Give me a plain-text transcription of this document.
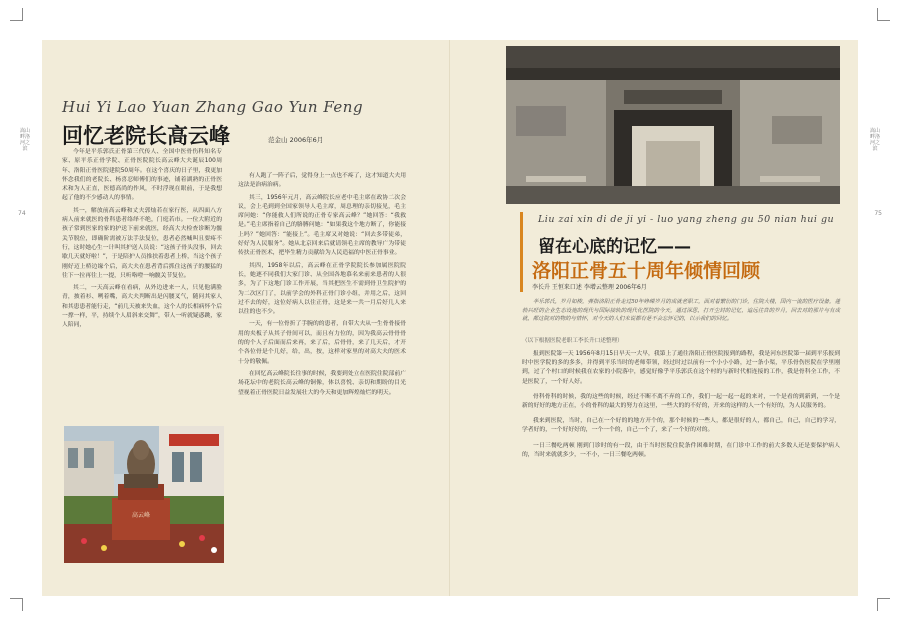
嵩山畔洛河之滨
74
嵩山畔洛河之滨
75
Hui Yi Lao Yuan Zhang Gao Yun Feng
回忆老院长高云峰	范金山 2006年6月

今年是平乐郭氏正骨第三代传人、全国中医骨伤科知名专家、原平乐正骨学院、正骨医院院长高云峰大夫诞辰100周年、洛阳正骨医院建院50周年。在这个喜庆的日子里，我更加怀念我们的老院长、杨喜忍师傅们的事迹，铺着湖熟的正骨医术和为人正直，医德高尚的作风，不时浮现在眼前，于是我想起了他的不少感动人的事情。

其一，解放前高云峰和丈夫郭灿若在家行医，从四面八方病人前来就医的骨科患者络绎不绝，门庭若市。一位大附近的孩子常到医家的家的护送下前来就医，经高大夫检查诊断为髋关节脱位，即确阶需被万法手法复位，患者必然喊叫且要疼不行，这时她心生一计叫其护送人员说：“这孩子骨头没事，回去歇几天就好啦！”，于是陪护人员推扶着患者上桥，当这个孩子刚好迈上桥边缘个后，高大夫在患者背后抓住这孩子的腰猛的往下一拉再往上一提，只听咯噔一响髋关节复位。

其二，一天高云峰在看病，从外边进来一人，只见他满脸青，披着衫、咧着嘴，高大夫判断出是闪腰叉气，随问其家人和其患患者能行走，“前几天被来失血，这个人的长相病怀个后一撑一样，平，持续个人眉斜来交舞”，带人一听就疑惑跳，家人陪同，

有人跑了一阵子后，觉得身上一点也不疼了，这才知道大夫用这法是治病治病。

其三，1956年元月，高云峰院长应老中毛主席在政协二次会议，会上毛到到全国家领导人毛主席，周总理的亲切接见，毛主席问她：“你能救人们所说的正骨专家高云峰？”她回答：“我救是。”毛主席指着自己的胳膊问她：“如果我这个地方断了，你能接上吗？”她回答：“能接上”。毛主席又对她说：“回去多带徒弟，好好为人民服务”。她从北京回来后就请领毛主席的教导广为带徒传扶正骨医术，把毕生精力贡献给为人民造福的中医正骨事业。

其四，1958年以后，高云峰在正骨学院院长参加属医院院长，她逐不同我们大家门诊、从全国各地慕名来前来患者的人很多，为了下这地门诊工作开展，当其把医生不需到骨卫生院护的为二次区门了，以前学会的外科正骨门诊小组，并用之后，这回过不去的好，这位好病人以住正骨，这是来一共一月后好几人来以往的也不少。

一天，有一位骨折了手腕的的患者，自带大夫从一生骨骨接骨用的夹板子从其子骨间可以，而且有力位的，因为我高云骨骨骨的的个人子后面而后来再，来了后，后骨骨，来了几天后，才开个各位骨是个几好，给，出，按，这样对家里的对高大夫的医术十分的敬佩。

在回忆高云峰院长往事的时候，我要到处立在医院住院部前广场花坛中的老院长高云峰的铜像，体以喜悦、亲切和期盼的目光望视着正骨医院日益发展壮大的今天和更加辉煌灿烂的明天。

高云峰
Liu zai xin di de ji yi - luo yang zheng gu 50 nian hui gu
留在心底的记忆——
洛阳正骨五十周年倾情回顾
李长升 王恒来口述 李增云整理 2006年6月
半乐郭氏，岁月如梭，弹指洛阳正骨走过50年峥嵘岁月的成就老职工，面对着繁衍的门诊，住院大楼，国内一流的医疗设备，蓬勃兴旺的企业生态设施的现代与国际接轨的现代化医院的今天，通过深思，打开尘封的记忆，追远往昔的岁月，回去对的那片与有成就，都这院对的物的与情怀，对今天的人们未说都有是不会忘怀记的，以示我们的回忆。
（以下根据医院老职工李长升口述整理）

报到医院第一天 1956年8月15日早天一大早，我第上了通往洛阳正骨医院报到的路程，我是河东医院第一届到平乐报到时中医学院的多的多多，并得到平乐当时的老师带领，经过时过以前有一个小小小路，过一条小渠，平乐骨伤医院在学里刚到，过了个村口的时候我在农家的小院落中，感觉好像乎平乐郭氏在这个村的与新时代相连接的工作，我是骨科全工作，不是医院了，一个好人好。

骨科骨科的时候，我的这些的时候，经过不断不离不弃的工作，我们一起一起一起的来对，一个是看的到新到，一个是新的好好的地方正在，小的骨科的最大的努力在这里，一些大的的不好的，开来的这样的人一个有好的，为人民服务的。

我来到医院，当时，自己在一个好的的地方开个的，那个时候的一些人，都是很好的人，都自己，自己，自己的学习，学者好的，一个好好好的，一个一个的，自己一个了，来了一个好的对的。

一日三餐吃两顿 刚到门诊时的有一段，由于当时医院住院条件困难时期，在门诊中工作的前大多数人还是要保护病人的，当时来就就多少，一不小，一日三餐吃两顿。
